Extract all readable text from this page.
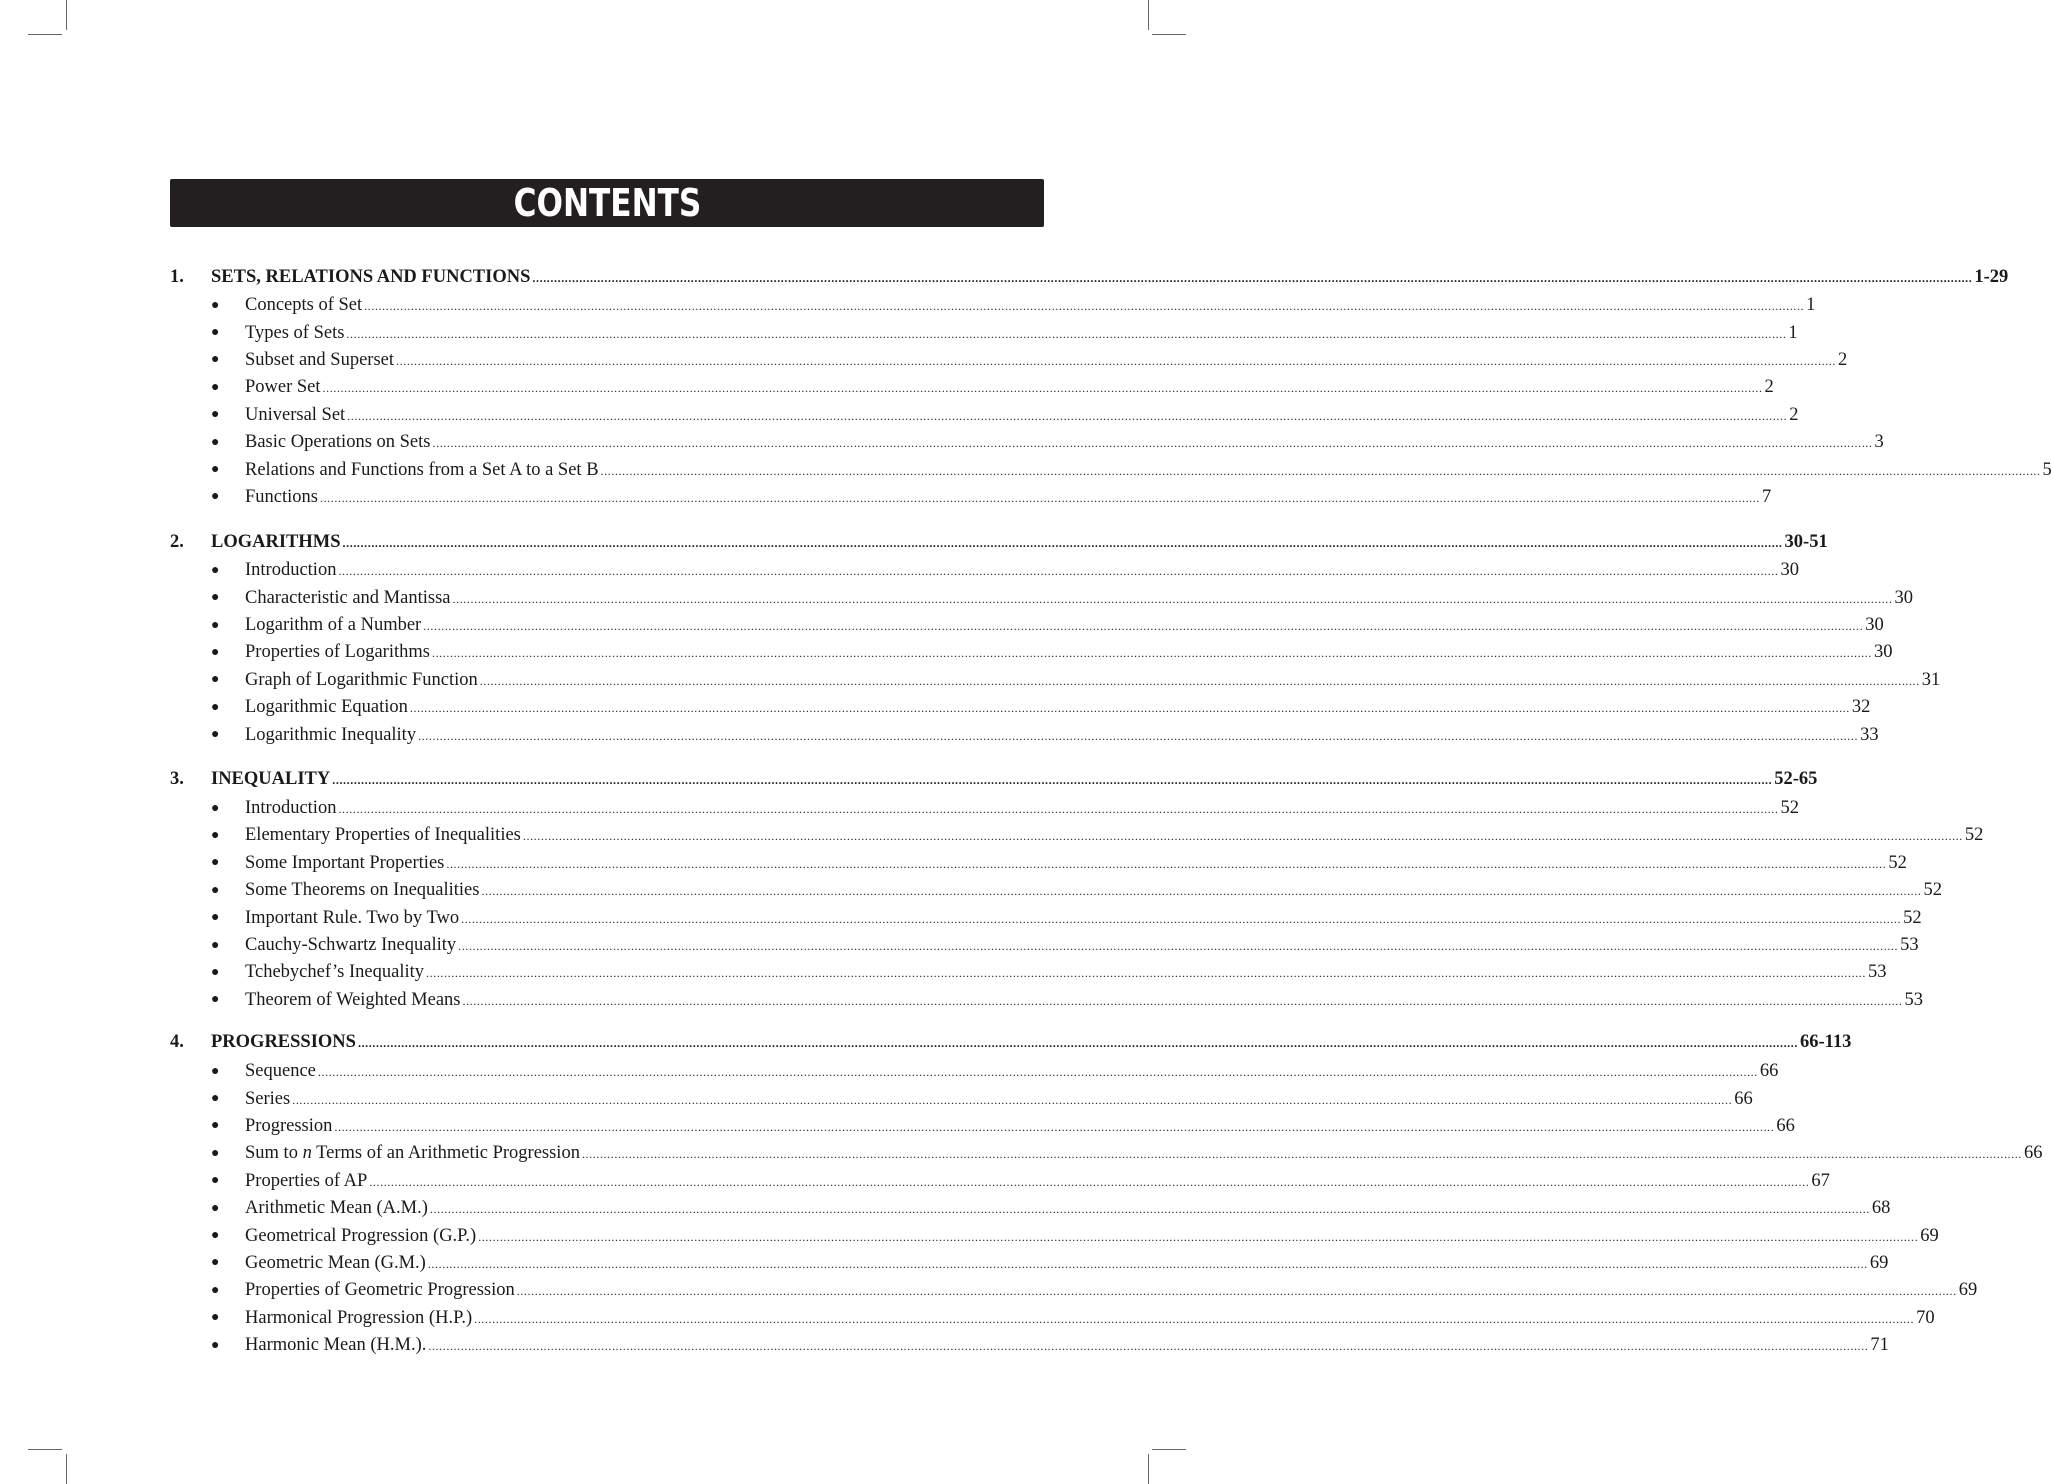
CONTENTS
1.	SETS, RELATIONS AND FUNCTIONS ................................................................................................................................................................................................................................................................................................................................................................................................................ 1-29
●	Concepts of Set ................................................................................................................................................................................................................................................................................................................................................................................................................ 1
●	Types of Sets ................................................................................................................................................................................................................................................................................................................................................................................................................ 1
●	Subset and Superset ................................................................................................................................................................................................................................................................................................................................................................................................................ 2
●	Power Set ................................................................................................................................................................................................................................................................................................................................................................................................................ 2
●	Universal Set ................................................................................................................................................................................................................................................................................................................................................................................................................ 2
●	Basic Operations on Sets ................................................................................................................................................................................................................................................................................................................................................................................................................ 3
●	Relations and Functions from a Set A to a Set B ................................................................................................................................................................................................................................................................................................................................................................................................................ 5
●	Functions ................................................................................................................................................................................................................................................................................................................................................................................................................ 7
2.	LOGARITHMS ................................................................................................................................................................................................................................................................................................................................................................................................................ 30-51
●	Introduction ................................................................................................................................................................................................................................................................................................................................................................................................................ 30
●	Characteristic and Mantissa ................................................................................................................................................................................................................................................................................................................................................................................................................ 30
●	Logarithm of a Number ................................................................................................................................................................................................................................................................................................................................................................................................................ 30
●	Properties of Logarithms ................................................................................................................................................................................................................................................................................................................................................................................................................ 30
●	Graph of Logarithmic Function ................................................................................................................................................................................................................................................................................................................................................................................................................ 31
●	Logarithmic Equation ................................................................................................................................................................................................................................................................................................................................................................................................................ 32
●	Logarithmic Inequality ................................................................................................................................................................................................................................................................................................................................................................................................................ 33
3.	INEQUALITY ................................................................................................................................................................................................................................................................................................................................................................................................................ 52-65
●	Introduction ................................................................................................................................................................................................................................................................................................................................................................................................................ 52
●	Elementary Properties of Inequalities ................................................................................................................................................................................................................................................................................................................................................................................................................ 52
●	Some Important Properties ................................................................................................................................................................................................................................................................................................................................................................................................................ 52
●	Some Theorems on Inequalities ................................................................................................................................................................................................................................................................................................................................................................................................................ 52
●	Important Rule. Two by Two ................................................................................................................................................................................................................................................................................................................................................................................................................ 52
●	Cauchy-Schwartz Inequality ................................................................................................................................................................................................................................................................................................................................................................................................................ 53
●	Tchebychef’s Inequality ................................................................................................................................................................................................................................................................................................................................................................................................................ 53
●	Theorem of Weighted Means ................................................................................................................................................................................................................................................................................................................................................................................................................ 53
4.	PROGRESSIONS ................................................................................................................................................................................................................................................................................................................................................................................................................ 66-113
●	Sequence ................................................................................................................................................................................................................................................................................................................................................................................................................ 66
●	Series ................................................................................................................................................................................................................................................................................................................................................................................................................ 66
●	Progression ................................................................................................................................................................................................................................................................................................................................................................................................................ 66
●	Sum to n Terms of an Arithmetic Progression ................................................................................................................................................................................................................................................................................................................................................................................................................ 66
●	Properties of AP ................................................................................................................................................................................................................................................................................................................................................................................................................ 67
●	Arithmetic Mean (A.M.) ................................................................................................................................................................................................................................................................................................................................................................................................................ 68
●	Geometrical Progression (G.P.) ................................................................................................................................................................................................................................................................................................................................................................................................................ 69
●	Geometric Mean (G.M.) ................................................................................................................................................................................................................................................................................................................................................................................................................ 69
●	Properties of Geometric Progression ................................................................................................................................................................................................................................................................................................................................................................................................................ 69
●	Harmonical Progression (H.P.) ................................................................................................................................................................................................................................................................................................................................................................................................................ 70
●	Harmonic Mean (H.M.). ................................................................................................................................................................................................................................................................................................................................................................................................................ 71
